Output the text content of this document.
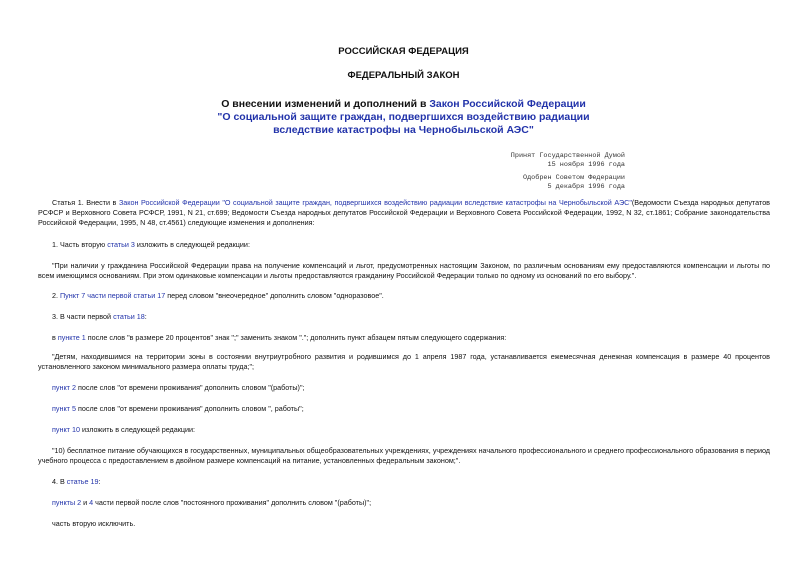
РОССИЙСКАЯ ФЕДЕРАЦИЯ
ФЕДЕРАЛЬНЫЙ ЗАКОН
О внесении изменений и дополнений в Закон Российской Федерации
"О социальной защите граждан, подвергшихся воздействию радиации
вследствие катастрофы на Чернобыльской АЭС"
Принят Государственной Думой
15 ноября 1996 года
Одобрен Советом Федерации
5 декабря 1996 года
Статья 1. Внести в Закон Российской Федерации "О социальной защите граждан, подвергшихся воздействию радиации вследствие катастрофы на Чернобыльской АЭС"(Ведомости Съезда народных депутатов РСФСР и Верховного Совета РСФСР, 1991, N 21, ст.699; Ведомости Съезда народных депутатов Российской Федерации и Верховного Совета Российской Федерации, 1992, N 32, ст.1861; Собрание законодательства Российской Федерации, 1995, N 48, ст.4561) следующие изменения и дополнения:
1. Часть вторую статьи 3 изложить в следующей редакции:
"При наличии у гражданина Российской Федерации права на получение компенсаций и льгот, предусмотренных настоящим Законом, по различным основаниям ему предоставляются компенсации и льготы по всем имеющимся основаниям. При этом одинаковые компенсации и льготы предоставляются гражданину Российской Федерации только по одному из оснований по его выбору.".
2. Пункт 7 части первой статьи 17 перед словом "внеочередное" дополнить словом "одноразовое".
3. В части первой статьи 18:
в пункте 1 после слов "в размере 20 процентов" знак ";" заменить знаком "."; дополнить пункт абзацем пятым следующего содержания:
"Детям, находившимся на территории зоны в состоянии внутриутробного развития и родившимся до 1 апреля 1987 года, устанавливается ежемесячная денежная компенсация в размере 40 процентов установленного законом минимального размера оплаты труда;";
пункт 2 после слов "от времени проживания" дополнить словом "(работы)";
пункт 5 после слов "от времени проживания" дополнить словом ", работы";
пункт 10 изложить в следующей редакции:
"10) бесплатное питание обучающихся в государственных, муниципальных общеобразовательных учреждениях, учреждениях начального профессионального и среднего профессионального образования в период учебного процесса с предоставлением в двойном размере компенсаций на питание, установленных федеральным законом;".
4. В статье 19:
пункты 2 и 4 части первой после слов "постоянного проживания" дополнить словом "(работы)";
часть вторую исключить.
